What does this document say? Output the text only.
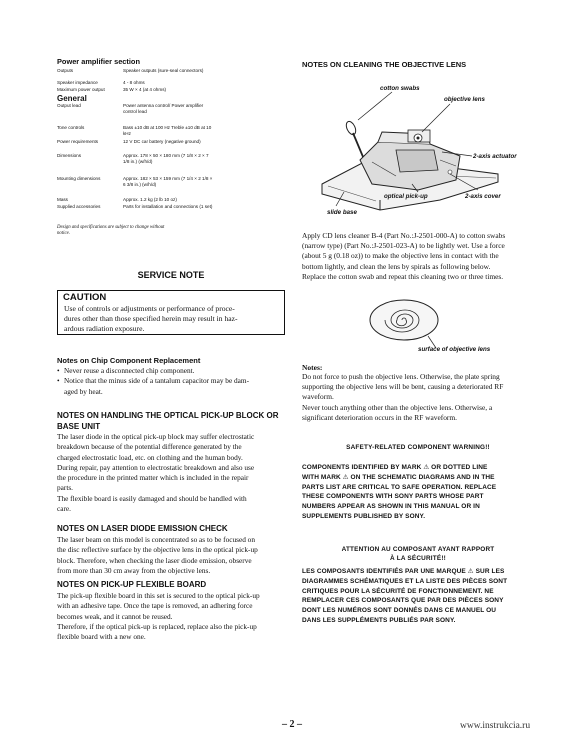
Power amplifier section
Outputs	Speaker outputs (sure-seal connectors)
Speaker impedance	4 - 8 ohms
Maximum power output	35 W × 4 (at 4 ohms)
General
Output lead	Power antenna control/ Power amplifier control lead
Tone controls	Bass ±10 dB at 100 Hz Treble ±10 dB at 10 kHz
Power requirements	12 V DC car battery (negative ground)
Dimensions	Approx. 178 × 50 × 180 mm (7 1/8 × 2 × 7 1/8 in.) (w/h/d)
Mounting dimensions	Approx. 182 × 53 × 159 mm (7 1/4 × 2 1/8 × 6 3/8 in.) (w/h/d)
Mass	Approx. 1.2 kg (2 lb 10 oz)
Supplied accessories	Parts for installation and connections (1 set)
Design and specifications are subject to change without notice.
SERVICE NOTE
CAUTION
Use of controls or adjustments or performance of proce-
dures other than those specified herein may result in haz-
ardous radiation exposure.
Notes on Chip Component Replacement
• Never reuse a disconnected chip component.
• Notice that the minus side of a tantalum capacitor may be dam-
aged by heat.
NOTES ON HANDLING THE OPTICAL PICK-UP BLOCK OR
BASE UNIT
The laser diode in the optical pick-up block may suffer electrostatic
breakdown because of the potential difference generated by the
charged electrostatic load, etc. on clothing and the human body.
During repair, pay attention to electrostatic breakdown and also use
the procedure in the printed matter which is included in the repair
parts.
The flexible board is easily damaged and should be handled with
care.
NOTES ON LASER DIODE EMISSION CHECK
The laser beam on this model is concentrated so as to be focused on
the disc reflective surface by the objective lens in the optical pick-up
block. Therefore, when checking the laser diode emission, observe
from more than 30 cm away from the objective lens.
NOTES ON PICK-UP FLEXIBLE BOARD
The pick-up flexible board in this set is secured to the optical pick-up
with an adhesive tape. Once the tape is removed, an adhering force
becomes weak, and it cannot be reused.
Therefore, if the optical pick-up is replaced, replace also the pick-up
flexible board with a new one.
NOTES ON CLEANING THE OBJECTIVE LENS
cotton swabs
objective lens
2-axis actuator
optical pick-up	2-axis cover
slide base
Apply CD lens cleaner B-4 (Part No.:J-2501-000-A) to cotton swabs
(narrow type) (Part No.:J-2501-023-A) to be lightly wet. Use a force
(about 5 g (0.18 oz)) to make the objective lens in contact with the
bottom lightly, and clean the lens by spirals as following below.
Replace the cotton swab and repeat this cleaning two or three times.
surface of objective lens
Notes:
Do not force to push the objective lens. Otherwise, the plate spring
supporting the objective lens will be bent, causing a deteriorated RF
waveform.
Never touch anything other than the objective lens. Otherwise, a
significant deterioration occurs in the RF waveform.
SAFETY-RELATED COMPONENT WARNING!!
COMPONENTS IDENTIFIED BY MARK ⚠ OR DOTTED LINE
WITH MARK ⚠ ON THE SCHEMATIC DIAGRAMS AND IN THE
PARTS LIST ARE CRITICAL TO SAFE OPERATION. REPLACE
THESE COMPONENTS WITH SONY PARTS WHOSE PART
NUMBERS APPEAR AS SHOWN IN THIS MANUAL OR IN
SUPPLEMENTS PUBLISHED BY SONY.
ATTENTION AU COMPOSANT AYANT RAPPORT
À LA SÉCURITÉ!!
LES COMPOSANTS IDENTIFIÉS PAR UNE MARQUE ⚠ SUR LES
DIAGRAMMES SCHÉMATIQUES ET LA LISTE DES PIÈCES SONT
CRITIQUES POUR LA SÉCURITÉ DE FONCTIONNEMENT. NE
REMPLACER CES COMPOSANTS QUE PAR DES PIÈCES SONY
DONT LES NUMÉROS SONT DONNÉS DANS CE MANUEL OU
DANS LES SUPPLÉMENTS PUBLIÉS PAR SONY.
– 2 –	www.instrukcia.ru
